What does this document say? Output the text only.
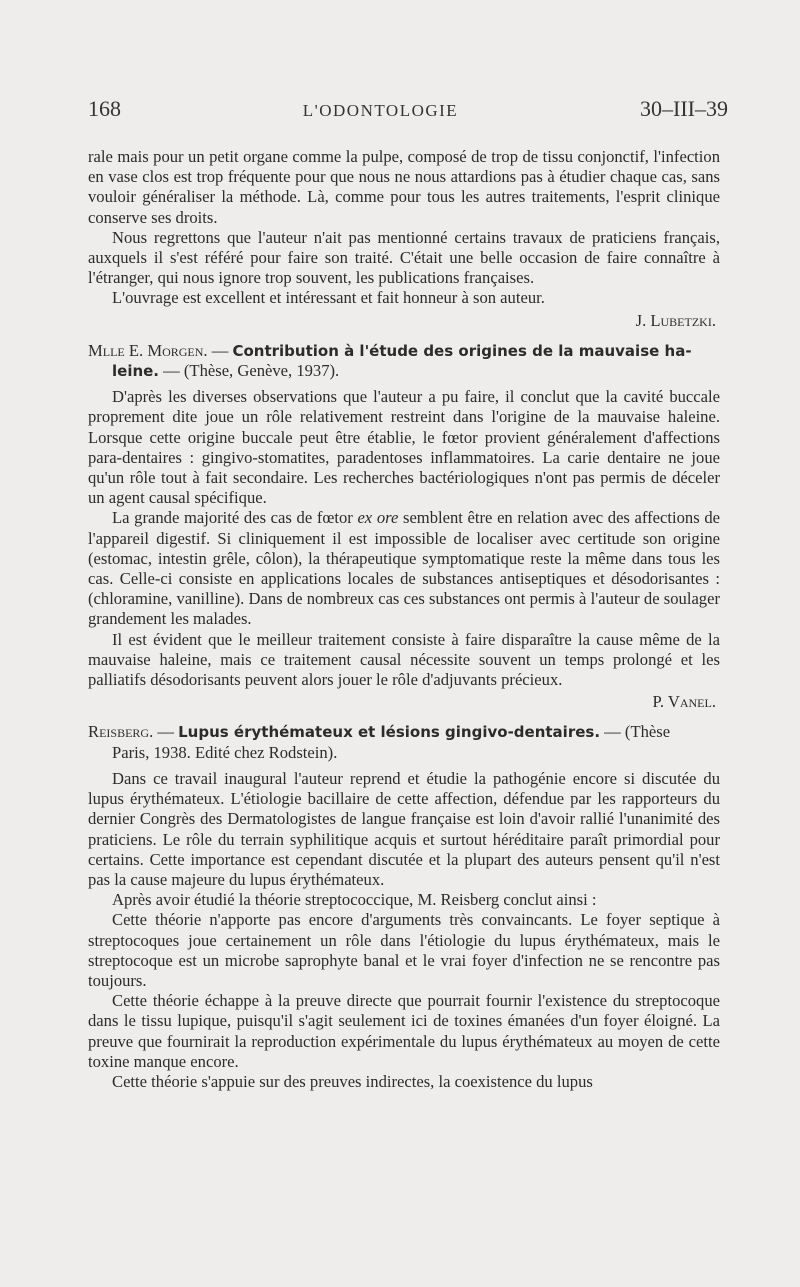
168	L'ODONTOLOGIE	30–III–39

rale mais pour un petit organe comme la pulpe, composé de trop de tissu conjonctif, l'infection en vase clos est trop fréquente pour que nous ne nous attardions pas à étudier chaque cas, sans vouloir généraliser la méthode. Là, comme pour tous les autres traitements, l'esprit clinique conserve ses droits.

Nous regrettons que l'auteur n'ait pas mentionné certains travaux de praticiens français, auxquels il s'est référé pour faire son traité. C'était une belle occasion de faire connaître à l'étranger, qui nous ignore trop souvent, les publications françaises.

L'ouvrage est excellent et intéressant et fait honneur à son auteur.

J. Lubetzki.
Mlle E. Morgen. — Contribution à l'étude des origines de la mauvaise ha-
leine. — (Thèse, Genève, 1937).

D'après les diverses observations que l'auteur a pu faire, il conclut que la cavité buccale proprement dite joue un rôle relativement restreint dans l'origine de la mauvaise haleine. Lorsque cette origine buccale peut être établie, le fœtor provient généralement d'affections para-dentaires : gingivo-stomatites, paradentoses inflammatoires. La carie dentaire ne joue qu'un rôle tout à fait secondaire. Les recherches bactériologiques n'ont pas permis de déceler un agent causal spécifique.

La grande majorité des cas de fœtor ex ore semblent être en relation avec des affections de l'appareil digestif. Si cliniquement il est impossible de localiser avec certitude son origine (estomac, intestin grêle, côlon), la thérapeutique symptomatique reste la même dans tous les cas. Celle-ci consiste en applications locales de substances antiseptiques et désodorisantes : (chloramine, vanilline). Dans de nombreux cas ces substances ont permis à l'auteur de soulager grandement les malades.

Il est évident que le meilleur traitement consiste à faire disparaître la cause même de la mauvaise haleine, mais ce traitement causal nécessite souvent un temps prolongé et les palliatifs désodorisants peuvent alors jouer le rôle d'adjuvants précieux.

P. Vanel.
Reisberg. — Lupus érythémateux et lésions gingivo-dentaires. — (Thèse
Paris, 1938. Edité chez Rodstein).

Dans ce travail inaugural l'auteur reprend et étudie la pathogénie encore si discutée du lupus érythémateux. L'étiologie bacillaire de cette affection, défendue par les rapporteurs du dernier Congrès des Dermatologistes de langue française est loin d'avoir rallié l'unanimité des praticiens. Le rôle du terrain syphilitique acquis et surtout héréditaire paraît primordial pour certains. Cette importance est cependant discutée et la plupart des auteurs pensent qu'il n'est pas la cause majeure du lupus érythémateux.

Après avoir étudié la théorie streptococcique, M. Reisberg conclut ainsi :

Cette théorie n'apporte pas encore d'arguments très convaincants. Le foyer septique à streptocoques joue certainement un rôle dans l'étiologie du lupus érythémateux, mais le streptocoque est un microbe saprophyte banal et le vrai foyer d'infection ne se rencontre pas toujours.

Cette théorie échappe à la preuve directe que pourrait fournir l'existence du streptocoque dans le tissu lupique, puisqu'il s'agit seulement ici de toxines émanées d'un foyer éloigné. La preuve que fournirait la reproduction expérimentale du lupus érythémateux au moyen de cette toxine manque encore.

Cette théorie s'appuie sur des preuves indirectes, la coexistence du lupus
